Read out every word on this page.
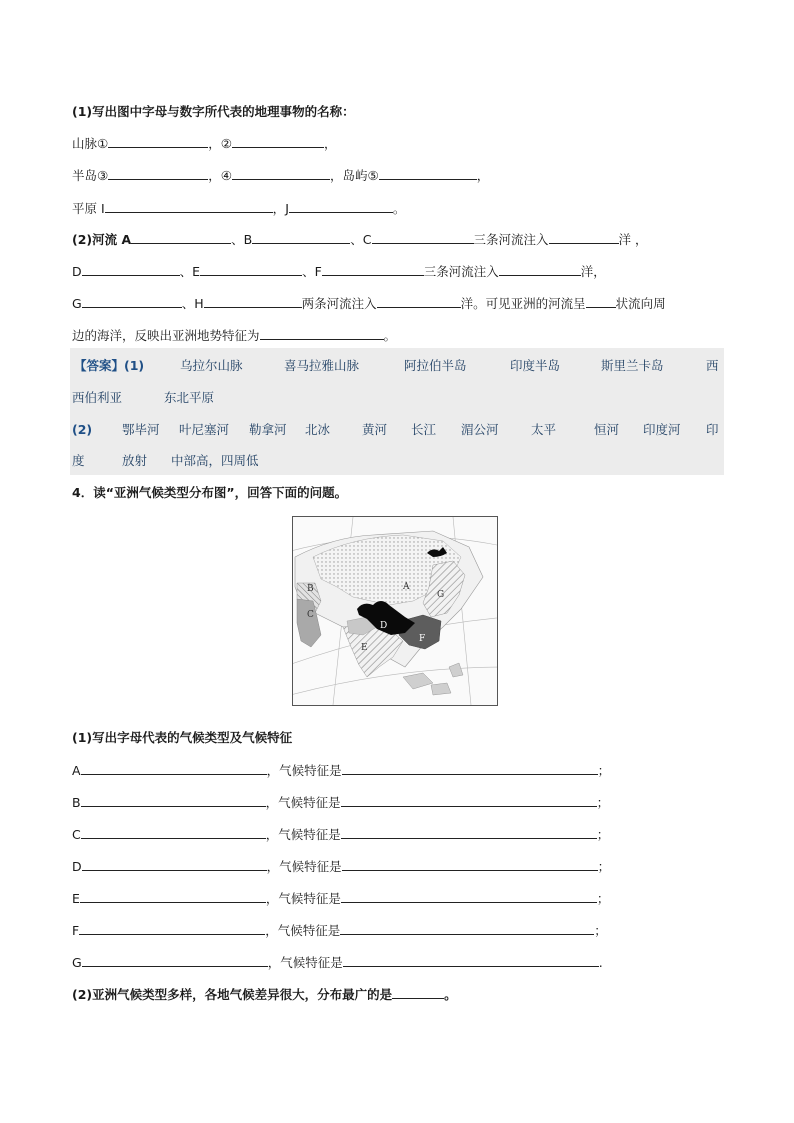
(1)写出图中字母与数字所代表的地理事物的名称：
山脉①	，②	，
半岛③	，④	，岛屿⑤	，
平原 I	，J	。
(2)河流 A	、B	、C	三条河流注入	洋 ，
D	、E	、F	三条河流注入	洋，
G	、H	两条河流注入	洋。可见亚洲的河流呈 状流向周
边的海洋，反映出亚洲地势特征为	。
【答案】(1)	乌拉尔山脉	喜马拉雅山脉	阿拉伯半岛	印度半岛	斯里兰卡岛	西
西伯利亚	东北平原
(2) 鄂毕河 叶尼塞河 勒拿河 北冰	黄河 长江 湄公河	太平	恒河 印度河 印
度	放射 中部高，四周低
4．读“亚洲气候类型分布图”，回答下面的问题。
A
B
C
D
E
F
G
(1)写出字母代表的气候类型及气候特征
A	，气候特征是	；
B	，气候特征是	；
C	，气候特征是	；
D	，气候特征是	；
E	，气候特征是	；
F	，气候特征是	；
G	，气候特征是	.
(2)亚洲气候类型多样，各地气候差异很大，分布最广的是	。
